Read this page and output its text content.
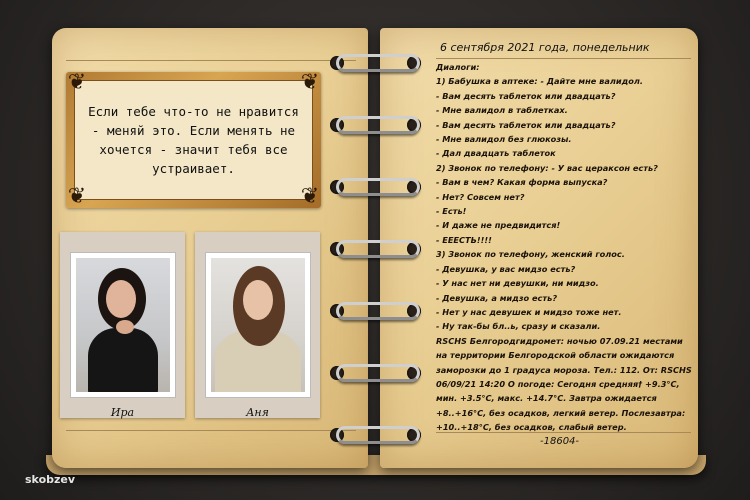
Если тебе что-то не нравится - меняй это. Если менять не хочется - значит тебя все устраивает.
❦	❦
❦	❦
Ира	Аня
6 сентября 2021 года, понедельник
Диалоги:
1) Бабушка в аптеке: - Дайте мне валидол.
- Вам десять таблеток или двадцать?
- Мне валидол в таблетках.
- Вам десять таблеток или двадцать?
- Мне валидол без глюкозы.
- Дал двадцать таблеток
2) Звонок по телефону: - У вас цераксон есть?
- Вам в чем? Какая форма выпуска?
- Нет? Совсем нет?
- Есть!
- И даже не предвидится!
- ЕЕЕСТЬ!!!!
3) Звонок по телефону, женский голос.
- Девушка, у вас мидзо есть?
- У нас нет ни девушки, ни мидзо.
- Девушка, а мидзо есть?
- Нет у нас девушек и мидзо тоже нет.
- Ну так-бы бл..ь, сразу и сказали.
RSCHS Белгородгидромет: ночью 07.09.21 местами
на территории Белгородской области ожидаются
заморозки до 1 градуса мороза. Тел.: 112. От: RSCHS
06/09/21 14:20 О погоде: Сегодня средняя† +9.3°С,
мин. +3.5°С, макс. +14.7°С. Завтра ожидается
+8..+16°С, без осадков, легкий ветер. Послезавтра:
+10..+18°С, без осадков, слабый ветер.
-18604-
skobzev
